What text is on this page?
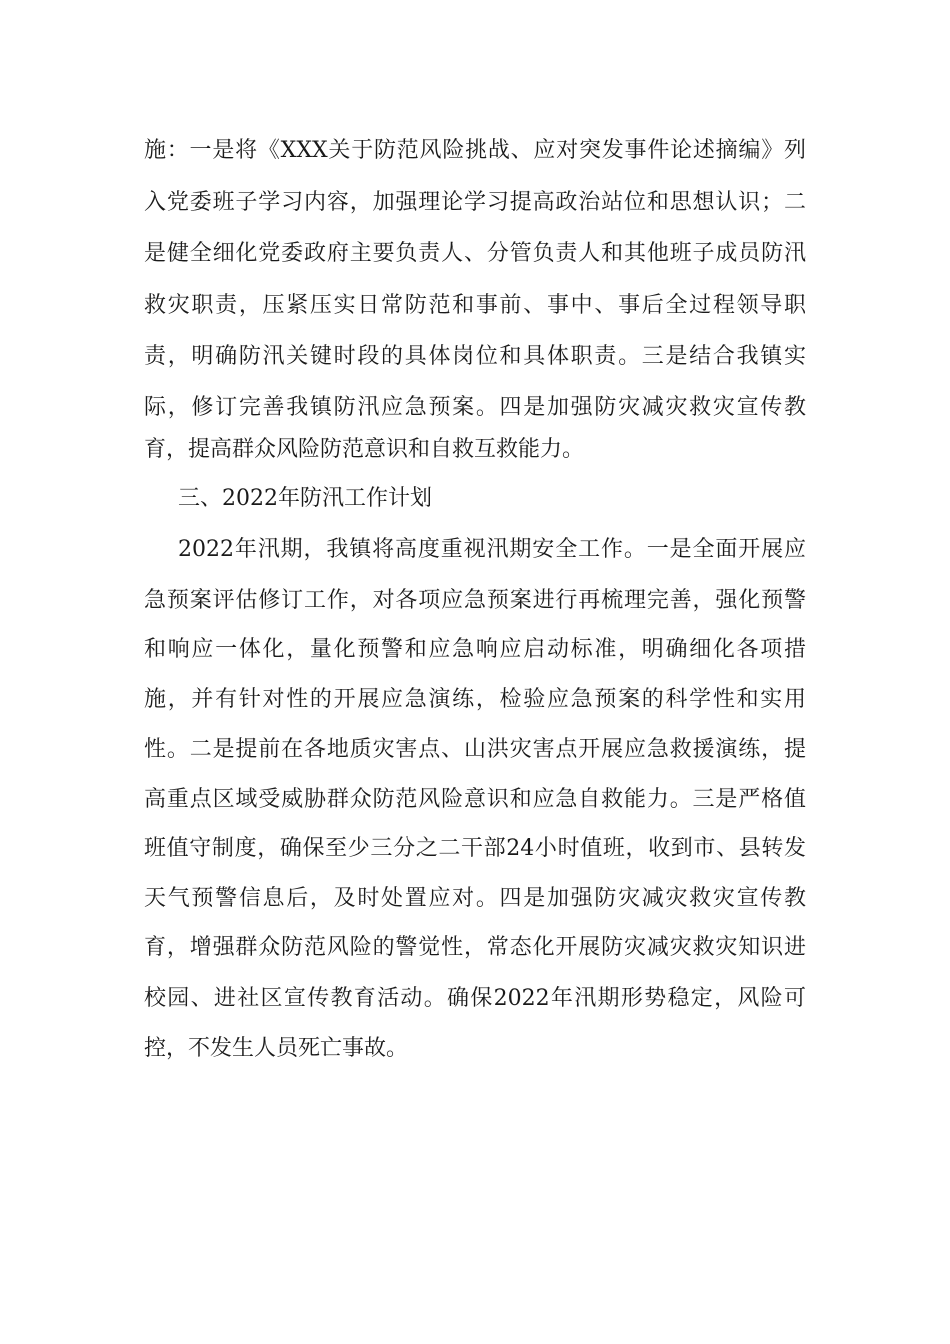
施：一是将《XXX关于防范风险挑战、应对突发事件论述摘编》列
入党委班子学习内容，加强理论学习提高政治站位和思想认识；二
是健全细化党委政府主要负责人、分管负责人和其他班子成员防汛
救灾职责，压紧压实日常防范和事前、事中、事后全过程领导职
责，明确防汛关键时段的具体岗位和具体职责。三是结合我镇实
际，修订完善我镇防汛应急预案。四是加强防灾减灾救灾宣传教
育，提高群众风险防范意识和自救互救能力。
三、2022年防汛工作计划
2022年汛期，我镇将高度重视汛期安全工作。一是全面开展应
急预案评估修订工作，对各项应急预案进行再梳理完善，强化预警
和响应一体化，量化预警和应急响应启动标准，明确细化各项措
施，并有针对性的开展应急演练，检验应急预案的科学性和实用
性。二是提前在各地质灾害点、山洪灾害点开展应急救援演练，提
高重点区域受威胁群众防范风险意识和应急自救能力。三是严格值
班值守制度，确保至少三分之二干部24小时值班，收到市、县转发
天气预警信息后，及时处置应对。四是加强防灾减灾救灾宣传教
育，增强群众防范风险的警觉性，常态化开展防灾减灾救灾知识进
校园、进社区宣传教育活动。确保2022年汛期形势稳定，风险可
控，不发生人员死亡事故。
